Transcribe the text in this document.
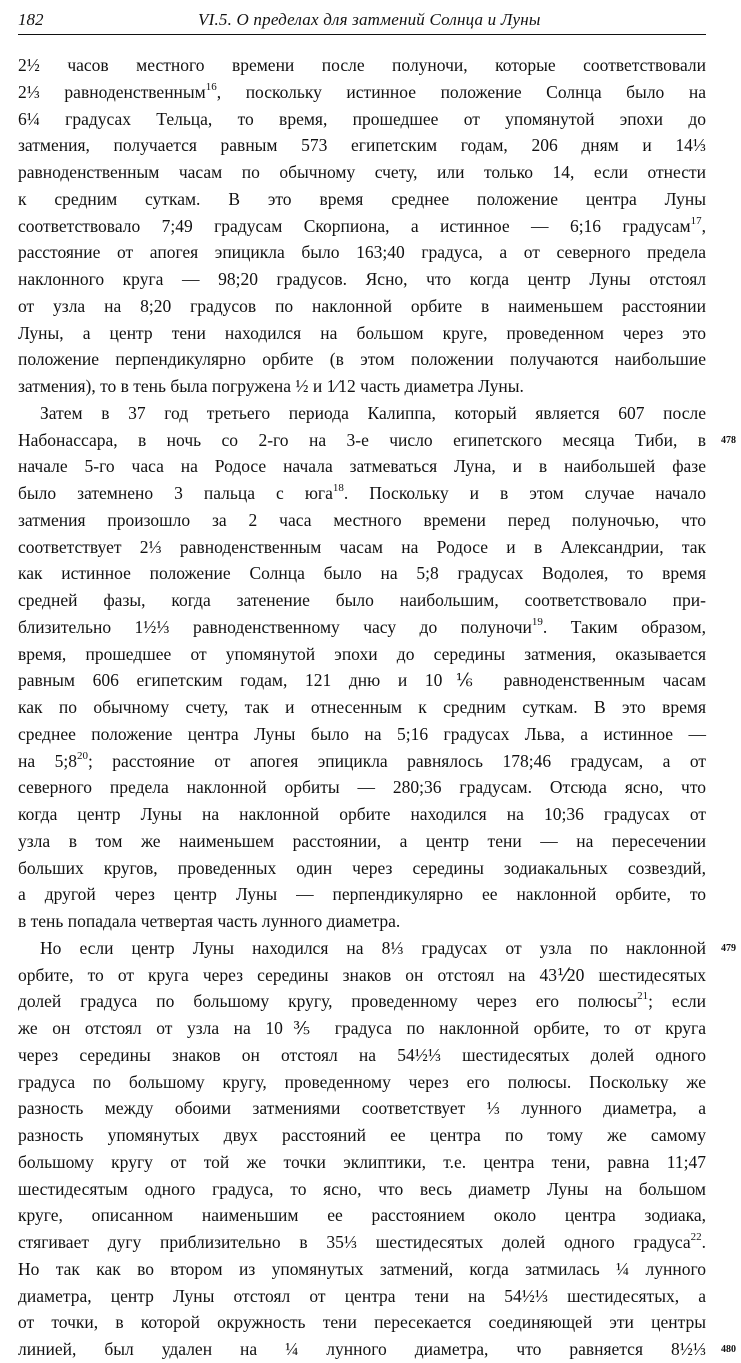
182	VI.5. О пределах для затмений Солнца и Луны
2½ часов местного времени после полуночи, которые соответствовали
2⅓ равноденственным$^{16}$, поскольку истинное положение Солнца было на
6¼ градусах Тельца, то время, прошедшее от упомянутой эпохи до
затмения, получается равным 573 египетским годам, 206 дням и 14⅓
равноденственным часам по обычному счету, или только 14, если отнести
к средним суткам. В это время среднее положение центра Луны
соответствовало 7;49 градусам Скорпиона, а истинное — 6;16 градусам$^{17}$,
расстояние от апогея эпицикла было 163;40 градуса, а от северного предела
наклонного круга — 98;20 градусов. Ясно, что когда центр Луны отстоял
от узла на 8;20 градусов по наклонной орбите в наименьшем расстоянии
Луны, а центр тени находился на большом круге, проведенном через это
положение перпендикулярно орбите (в этом положении получаются наибольшие
затмения), то в тень была погружена ½ и 1⁄12 часть диаметра Луны.
Затем в 37 год третьего периода Калиппа, который является 607 после
Набонассара, в ночь со 2-го на 3-е число египетского месяца Тиби, в
начале 5-го часа на Родосе начала затмеваться Луна, и в наибольшей фазе
было затемнено 3 пальца с юга$^{18}$. Поскольку и в этом случае начало
затмения произошло за 2 часа местного времени перед полуночью, что
соответствует 2⅓ равноденственным часам на Родосе и в Александрии, так
как истинное положение Солнца было на 5;8 градусах Водолея, то время
средней фазы, когда затенение было наибольшим, соответствовало при-
близительно 1½⅓ равноденственному часу до полуночи$^{19}$. Таким образом,
время, прошедшее от упомянутой эпохи до середины затмения, оказывается
равным 606 египетским годам, 121 дню и 10⅙ равноденственным часам
как по обычному счету, так и отнесенным к средним суткам. В это время
среднее положение центра Луны было на 5;16 градусах Льва, а истинное —
на $5;8^{20}$; расстояние от апогея эпицикла равнялось 178;46 градусам, а от
северного предела наклонной орбиты — 280;36 градусам. Отсюда ясно, что
когда центр Луны на наклонной орбите находился на 10;36 градусах от
узла в том же наименьшем расстоянии, а центр тени — на пересечении
больших кругов, проведенных один через середины зодиакальных созвездий,
а другой через центр Луны — перпендикулярно ее наклонной орбите, то
в тень попадала четвертая часть лунного диаметра.
Но если центр Луны находился на 8⅓ градусах от узла по наклонной
орбите, то от круга через середины знаков он отстоял на 43⅟20 шестидесятых
долей градуса по большому кругу, проведенному через его полюсы$^{21}$; если
же он отстоял от узла на 10⅗ градуса по наклонной орбите, то от круга
через середины знаков он отстоял на 54½⅓ шестидесятых долей одного
градуса по большому кругу, проведенному через его полюсы. Поскольку же
разность между обоими затмениями соответствует ⅓ лунного диаметра, а
разность упомянутых двух расстояний ее центра по тому же самому
большому кругу от той же точки эклиптики, т.е. центра тени, равна 11;47
шестидесятым одного градуса, то ясно, что весь диаметр Луны на большом
круге, описанном наименьшим ее расстоянием около центра зодиака,
стягивает дугу приблизительно в 35⅓ шестидесятых долей одного градуса$^{22}$.
Но так как во втором из упомянутых затмений, когда затмилась ¼ лунного
диаметра, центр Луны отстоял от центра тени на 54½⅓ шестидесятых, а
от точки, в которой окружность тени пересекается соединяющей эти центры
линией, был удален на ¼ лунного диаметра, что равняется 8½⅓
478
479
480
